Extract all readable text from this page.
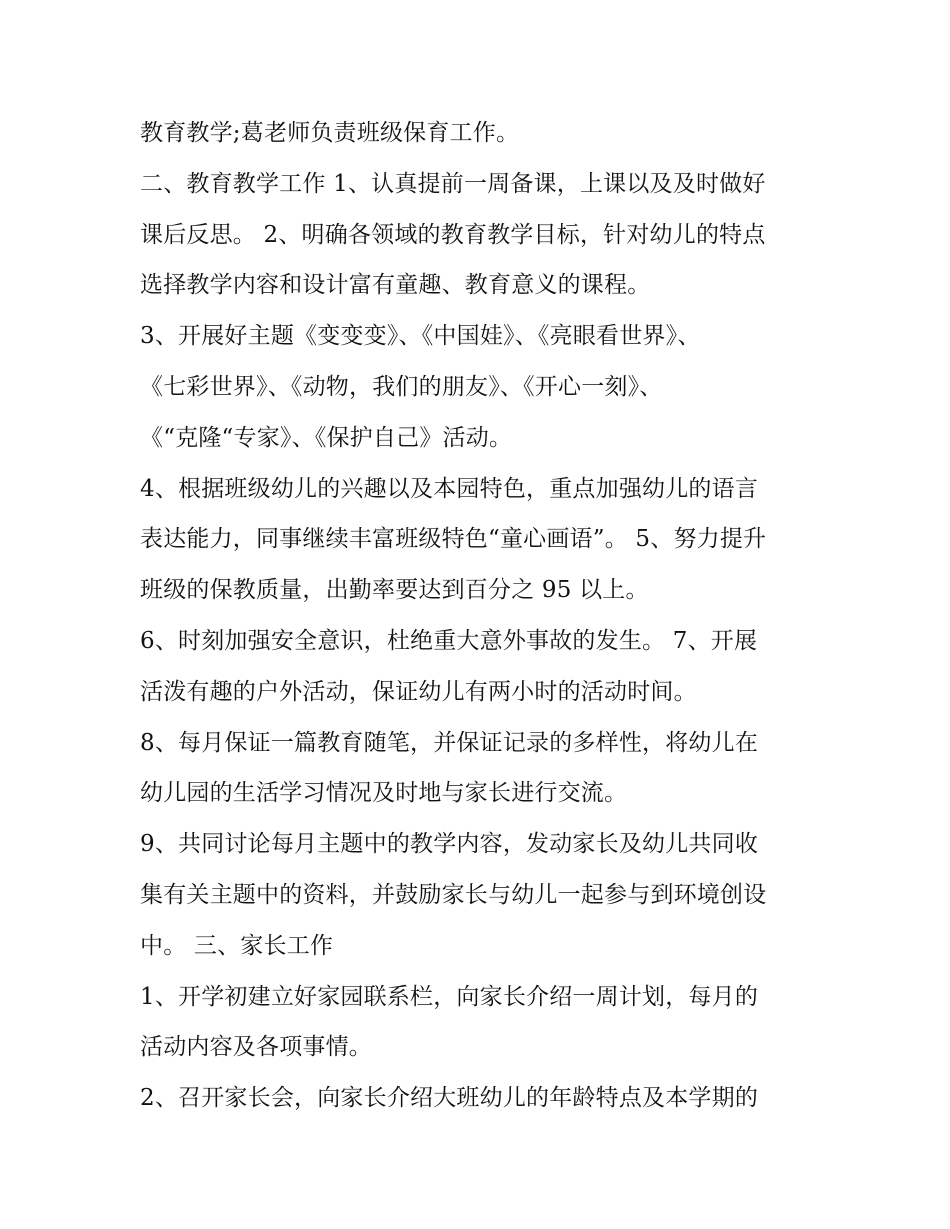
教育教学;葛老师负责班级保育工作。
二、教育教学工作 1、认真提前一周备课，上课以及及时做好
课后反思。 2、明确各领域的教育教学目标，针对幼儿的特点
选择教学内容和设计富有童趣、教育意义的课程。
3、开展好主题《变变变》、《中国娃》、《亮眼看世界》、
《七彩世界》、《动物，我们的朋友》、《开心一刻》、
《“克隆“专家》、《保护自己》活动。
4、根据班级幼儿的兴趣以及本园特色，重点加强幼儿的语言
表达能力，同事继续丰富班级特色“童心画语”。 5、努力提升
班级的保教质量，出勤率要达到百分之 95 以上。
6、时刻加强安全意识，杜绝重大意外事故的发生。 7、开展
活泼有趣的户外活动，保证幼儿有两小时的活动时间。
8、每月保证一篇教育随笔，并保证记录的多样性，将幼儿在
幼儿园的生活学习情况及时地与家长进行交流。
9、共同讨论每月主题中的教学内容，发动家长及幼儿共同收
集有关主题中的资料，并鼓励家长与幼儿一起参与到环境创设
中。 三、家长工作
1、开学初建立好家园联系栏，向家长介绍一周计划，每月的
活动内容及各项事情。
2、召开家长会，向家长介绍大班幼儿的年龄特点及本学期的
